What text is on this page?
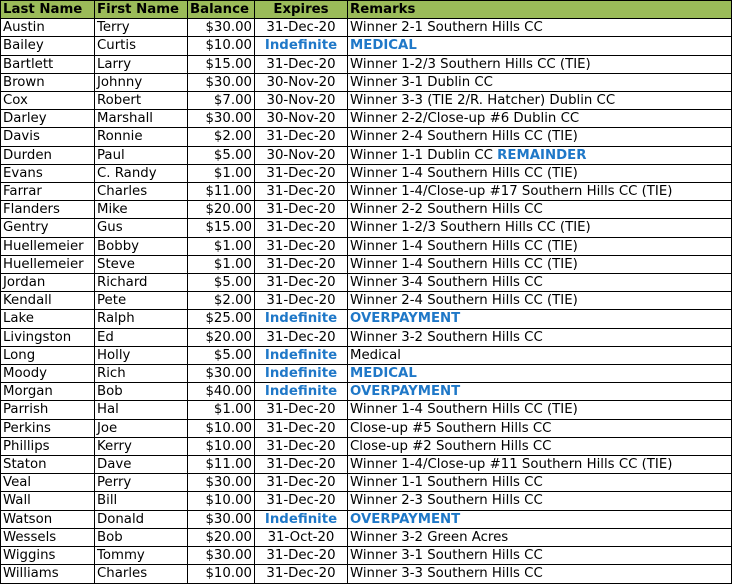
Last Name	First Name	Balance	Expires	Remarks
Austin	Terry	$30.00	31-Dec-20	Winner 2-1 Southern Hills CC
Bailey	Curtis	$10.00	Indefinite	MEDICAL
Bartlett	Larry	$15.00	31-Dec-20	Winner 1-2/3 Southern Hills CC (TIE)
Brown	Johnny	$30.00	30-Nov-20	Winner 3-1 Dublin CC
Cox	Robert	$7.00	30-Nov-20	Winner 3-3 (TIE 2/R. Hatcher) Dublin CC
Darley	Marshall	$30.00	30-Nov-20	Winner 2-2/Close-up #6 Dublin CC
Davis	Ronnie	$2.00	31-Dec-20	Winner 2-4 Southern Hills CC (TIE)
Durden	Paul	$5.00	30-Nov-20	Winner 1-1 Dublin CC REMAINDER
Evans	C. Randy	$1.00	31-Dec-20	Winner 1-4 Southern Hills CC (TIE)
Farrar	Charles	$11.00	31-Dec-20	Winner 1-4/Close-up #17 Southern Hills CC (TIE)
Flanders	Mike	$20.00	31-Dec-20	Winner 2-2 Southern Hills CC
Gentry	Gus	$15.00	31-Dec-20	Winner 1-2/3 Southern Hills CC (TIE)
Huellemeier	Bobby	$1.00	31-Dec-20	Winner 1-4 Southern Hills CC (TIE)
Huellemeier	Steve	$1.00	31-Dec-20	Winner 1-4 Southern Hills CC (TIE)
Jordan	Richard	$5.00	31-Dec-20	Winner 3-4 Southern Hills CC
Kendall	Pete	$2.00	31-Dec-20	Winner 2-4 Southern Hills CC (TIE)
Lake	Ralph	$25.00	Indefinite	OVERPAYMENT
Livingston	Ed	$20.00	31-Dec-20	Winner 3-2 Southern Hills CC
Long	Holly	$5.00	Indefinite	Medical
Moody	Rich	$30.00	Indefinite	MEDICAL
Morgan	Bob	$40.00	Indefinite	OVERPAYMENT
Parrish	Hal	$1.00	31-Dec-20	Winner 1-4 Southern Hills CC (TIE)
Perkins	Joe	$10.00	31-Dec-20	Close-up #5 Southern Hills CC
Phillips	Kerry	$10.00	31-Dec-20	Close-up #2 Southern Hills CC
Staton	Dave	$11.00	31-Dec-20	Winner 1-4/Close-up #11 Southern Hills CC (TIE)
Veal	Perry	$30.00	31-Dec-20	Winner 1-1 Southern Hills CC
Wall	Bill	$10.00	31-Dec-20	Winner 2-3 Southern Hills CC
Watson	Donald	$30.00	Indefinite	OVERPAYMENT
Wessels	Bob	$20.00	31-Oct-20	Winner 3-2 Green Acres
Wiggins	Tommy	$30.00	31-Dec-20	Winner 3-1 Southern Hills CC
Williams	Charles	$10.00	31-Dec-20	Winner 3-3 Southern Hills CC
